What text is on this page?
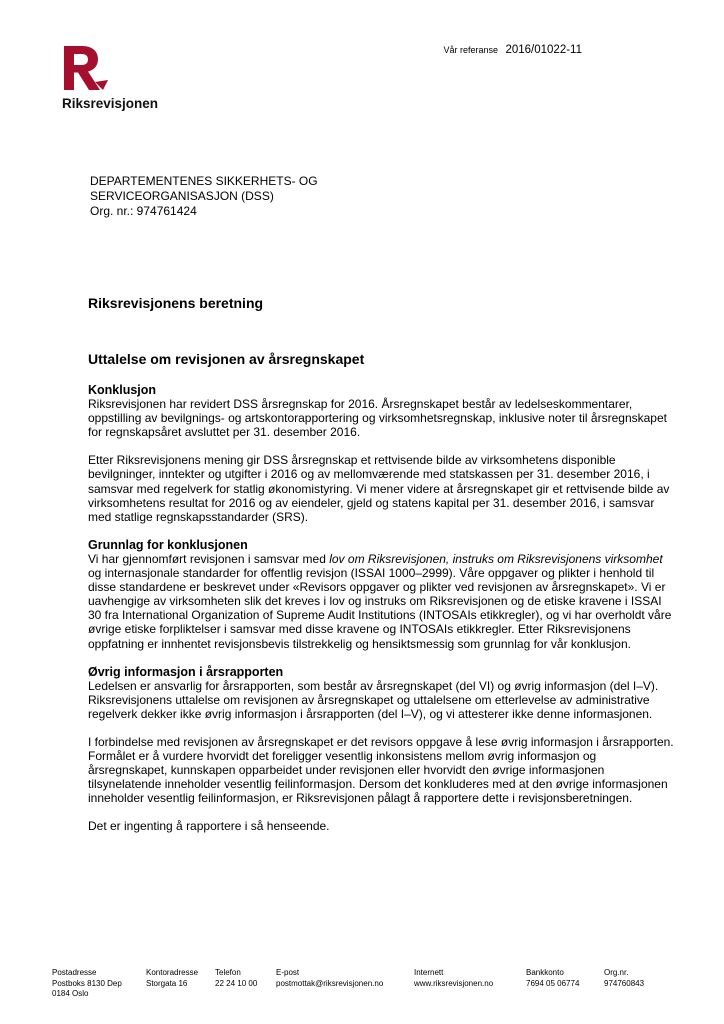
Vår referanse 2016/01022-11
Riksrevisjonen
DEPARTEMENTENES SIKKERHETS- OG
SERVICEORGANISASJON (DSS)
Org. nr.: 974761424
Riksrevisjonens beretning
Uttalelse om revisjonen av årsregnskapet
Konklusjon

Riksrevisjonen har revidert DSS årsregnskap for 2016. Årsregnskapet består av ledelseskommentarer, oppstilling av bevilgnings- og artskontorapportering og virksomhetsregnskap, inklusive noter til årsregnskapet for regnskapsåret avsluttet per 31. desember 2016.

Etter Riksrevisjonens mening gir DSS årsregnskap et rettvisende bilde av virksomhetens disponible bevilgninger, inntekter og utgifter i 2016 og av mellomværende med statskassen per 31. desember 2016, i samsvar med regelverk for statlig økonomistyring. Vi mener videre at årsregnskapet gir et rettvisende bilde av virksomhetens resultat for 2016 og av eiendeler, gjeld og statens kapital per 31. desember 2016, i samsvar med statlige regnskapsstandarder (SRS).

Grunnlag for konklusjonen

Vi har gjennomført revisjonen i samsvar med lov om Riksrevisjonen, instruks om Riksrevisjonens virksomhet og internasjonale standarder for offentlig revisjon (ISSAI 1000–2999). Våre oppgaver og plikter i henhold til disse standardene er beskrevet under «Revisors oppgaver og plikter ved revisjonen av årsregnskapet». Vi er uavhengige av virksomheten slik det kreves i lov og instruks om Riksrevisjonen og de etiske kravene i ISSAI 30 fra International Organization of Supreme Audit Institutions (INTOSAIs etikkregler), og vi har overholdt våre øvrige etiske forpliktelser i samsvar med disse kravene og INTOSAIs etikkregler. Etter Riksrevisjonens oppfatning er innhentet revisjonsbevis tilstrekkelig og hensiktsmessig som grunnlag for vår konklusjon.

Øvrig informasjon i årsrapporten

Ledelsen er ansvarlig for årsrapporten, som består av årsregnskapet (del VI) og øvrig informasjon (del I–V). Riksrevisjonens uttalelse om revisjonen av årsregnskapet og uttalelsene om etterlevelse av administrative regelverk dekker ikke øvrig informasjon i årsrapporten (del I–V), og vi attesterer ikke denne informasjonen.

I forbindelse med revisjonen av årsregnskapet er det revisors oppgave å lese øvrig informasjon i årsrapporten. Formålet er å vurdere hvorvidt det foreligger vesentlig inkonsistens mellom øvrig informasjon og årsregnskapet, kunnskapen opparbeidet under revisjonen eller hvorvidt den øvrige informasjonen tilsynelatende inneholder vesentlig feilinformasjon. Dersom det konkluderes med at den øvrige informasjonen inneholder vesentlig feilinformasjon, er Riksrevisjonen pålagt å rapportere dette i revisjonsberetningen.

Det er ingenting å rapportere i så henseende.

Postadresse
Postboks 8130 Dep
0184 Oslo
Kontoradresse
Storgata 16
Telefon
22 24 10 00
E-post
postmottak@riksrevisjonen.no
Internett
www.riksrevisjonen.no
Bankkonto
7694 05 06774
Org.nr.
974760843
